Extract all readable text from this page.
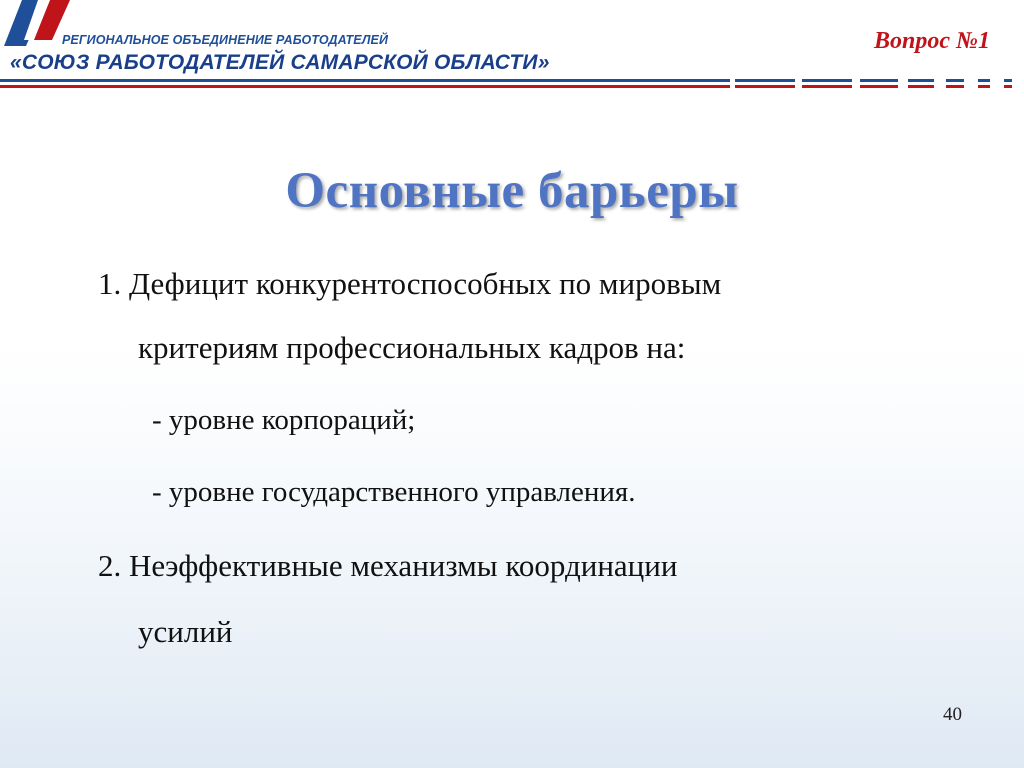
РЕГИОНАЛЬНОЕ ОБЪЕДИНЕНИЕ РАБОТОДАТЕЛЕЙ
«СОЮЗ РАБОТОДАТЕЛЕЙ САМАРСКОЙ ОБЛАСТИ»
Вопрос №1
Основные барьеры
1. Дефицит конкурентоспособных по мировым
критериям профессиональных кадров на:
- уровне корпораций;
- уровне государственного управления.
2. Неэффективные механизмы координации
усилий
40
